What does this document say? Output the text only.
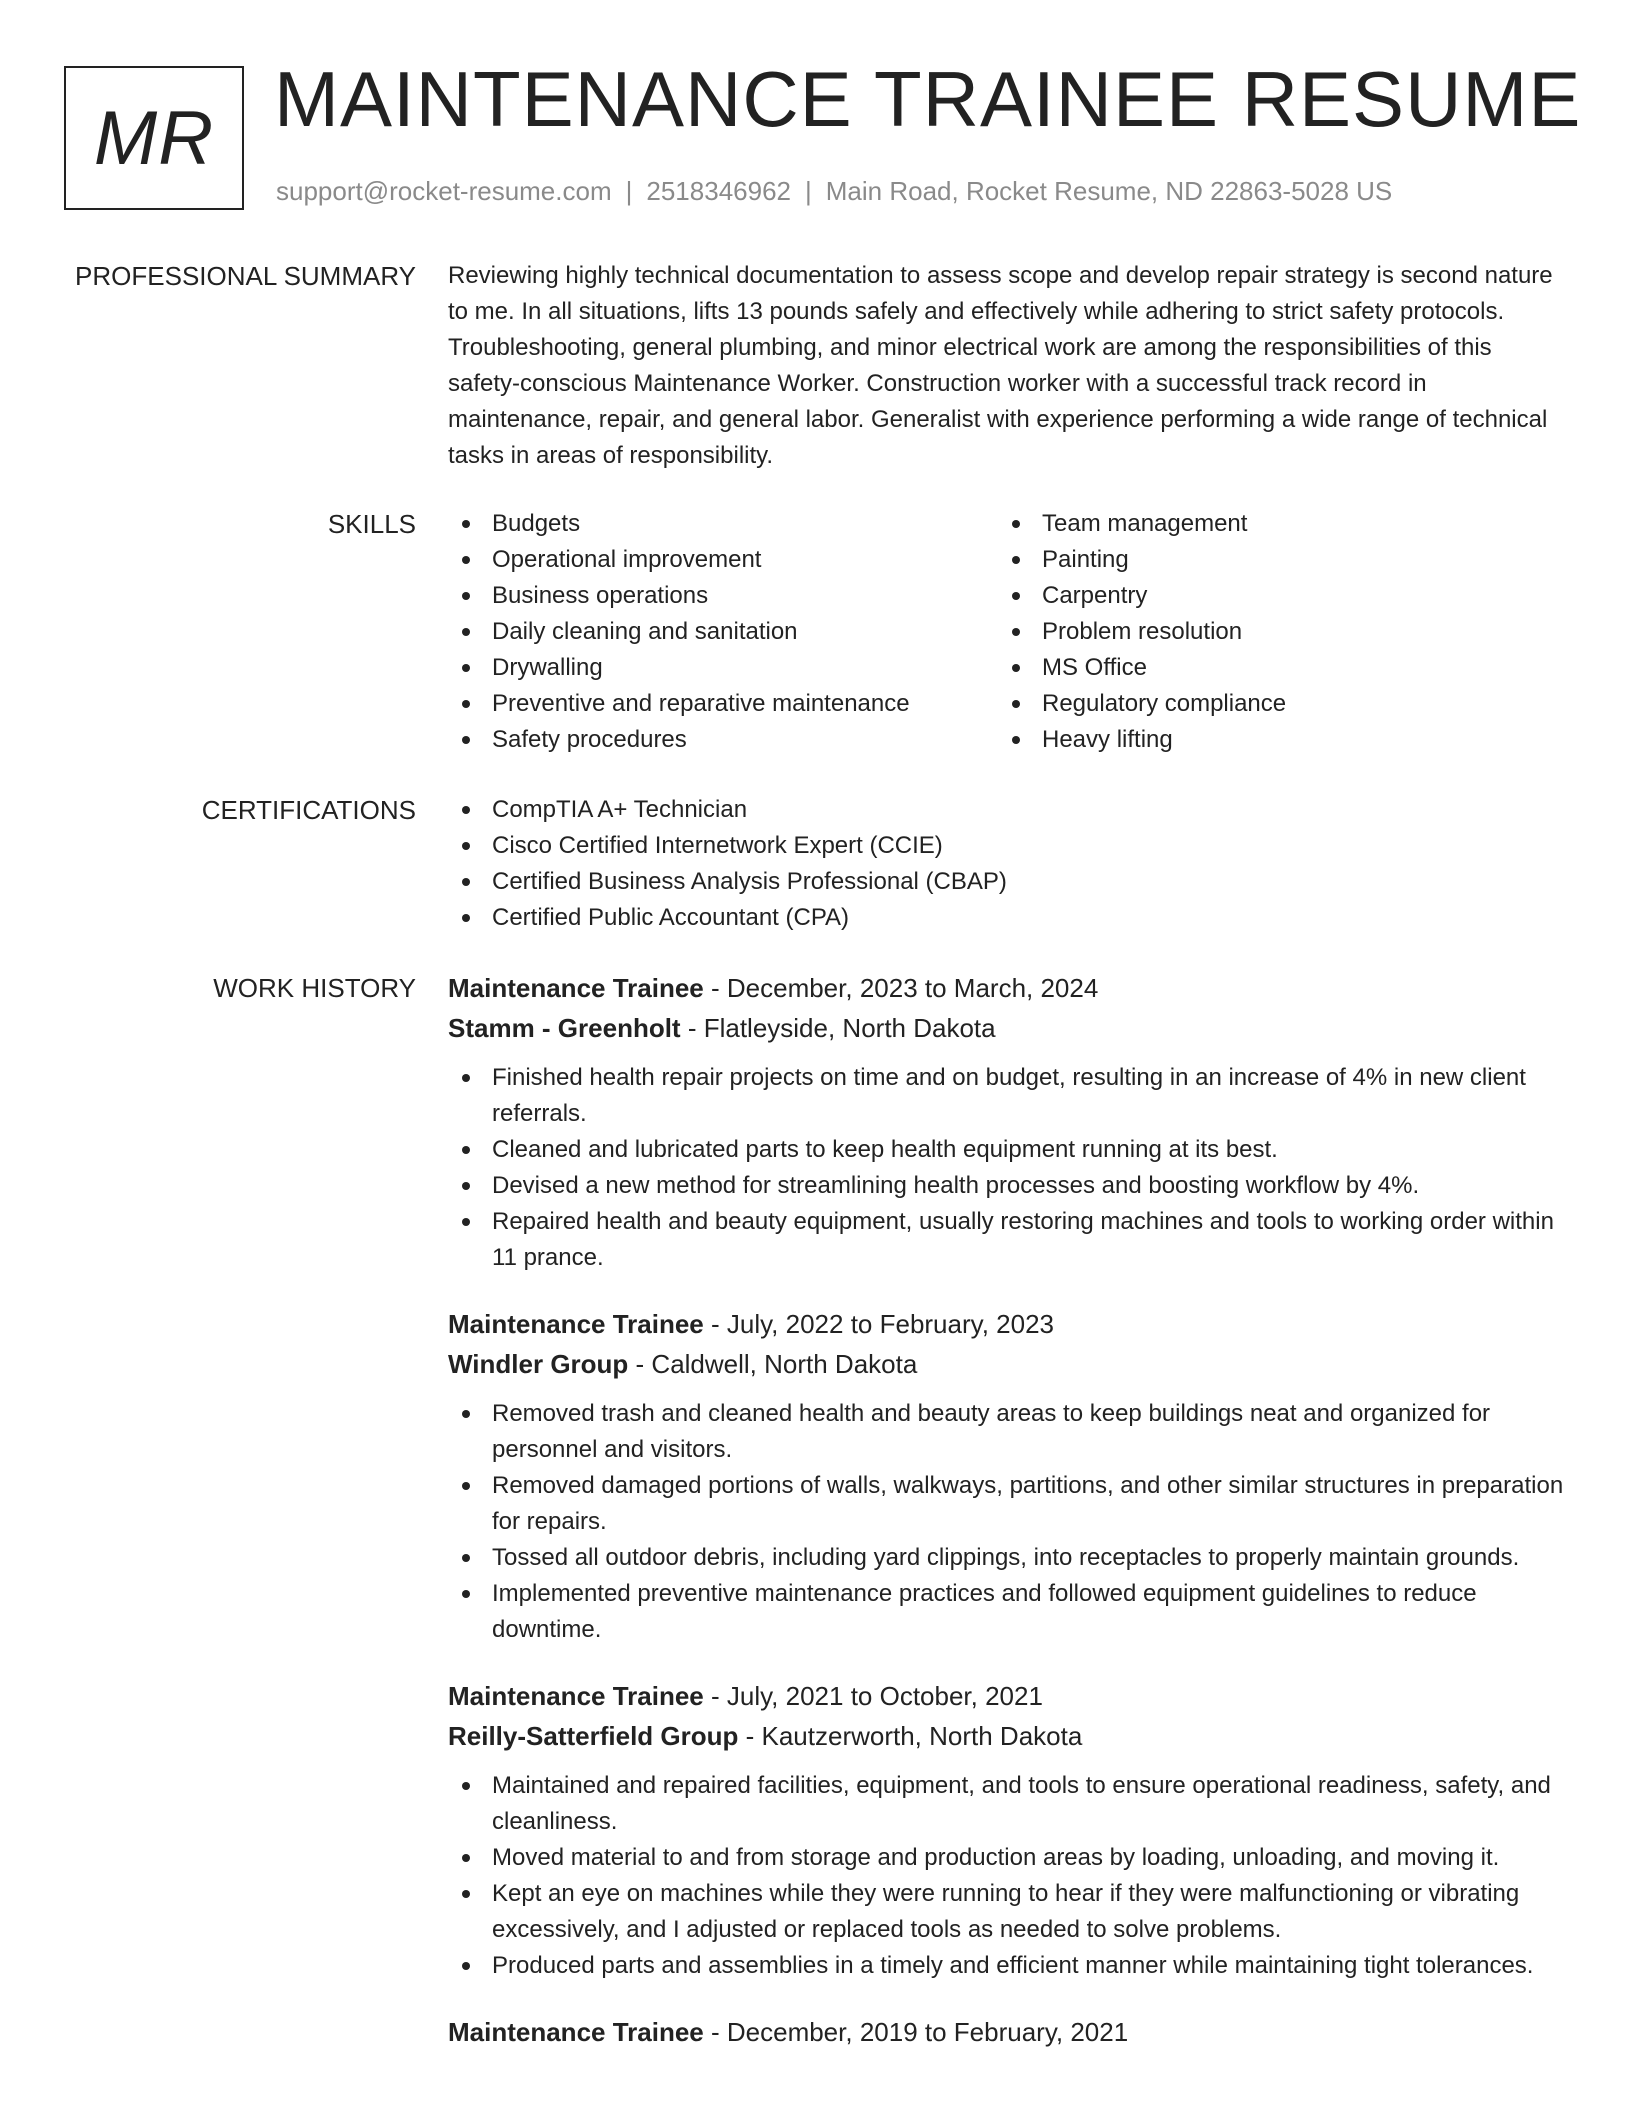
MR MAINTENANCE TRAINEE RESUME
support@rocket-resume.com | 2518346962 | Main Road, Rocket Resume, ND 22863-5028 US
PROFESSIONAL SUMMARY Reviewing highly technical documentation to assess scope and develop repair strategy is second nature to me. In all situations, lifts 13 pounds safely and effectively while adhering to strict safety protocols. Troubleshooting, general plumbing, and minor electrical work are among the responsibilities of this safety-conscious Maintenance Worker. Construction worker with a successful track record in maintenance, repair, and general labor. Generalist with experience performing a wide range of technical tasks in areas of responsibility.

SKILLS	Budgets
Operational improvement
Business operations
Daily cleaning and sanitation
Drywalling
Preventive and reparative maintenance
Safety procedures
Team management
Painting
Carpentry
Problem resolution
MS Office
Regulatory compliance
Heavy lifting
CERTIFICATIONS	CompTIA A+ Technician
Cisco Certified Internetwork Expert (CCIE)
Certified Business Analysis Professional (CBAP)
Certified Public Accountant (CPA)
WORK HISTORY Maintenance Trainee - December, 2023 to March, 2024
Stamm - Greenholt - Flatleyside, North Dakota
Finished health repair projects on time and on budget, resulting in an increase of 4% in new client referrals.
Cleaned and lubricated parts to keep health equipment running at its best.
Devised a new method for streamlining health processes and boosting workflow by 4%.
Repaired health and beauty equipment, usually restoring machines and tools to working order within 11 prance.
Maintenance Trainee - July, 2022 to February, 2023
Windler Group - Caldwell, North Dakota
Removed trash and cleaned health and beauty areas to keep buildings neat and organized for personnel and visitors.
Removed damaged portions of walls, walkways, partitions, and other similar structures in preparation for repairs.
Tossed all outdoor debris, including yard clippings, into receptacles to properly maintain grounds.
Implemented preventive maintenance practices and followed equipment guidelines to reduce downtime.
Maintenance Trainee - July, 2021 to October, 2021
Reilly-Satterfield Group - Kautzerworth, North Dakota
Maintained and repaired facilities, equipment, and tools to ensure operational readiness, safety, and cleanliness.
Moved material to and from storage and production areas by loading, unloading, and moving it.
Kept an eye on machines while they were running to hear if they were malfunctioning or vibrating excessively, and I adjusted or replaced tools as needed to solve problems.
Produced parts and assemblies in a timely and efficient manner while maintaining tight tolerances.
Maintenance Trainee - December, 2019 to February, 2021
